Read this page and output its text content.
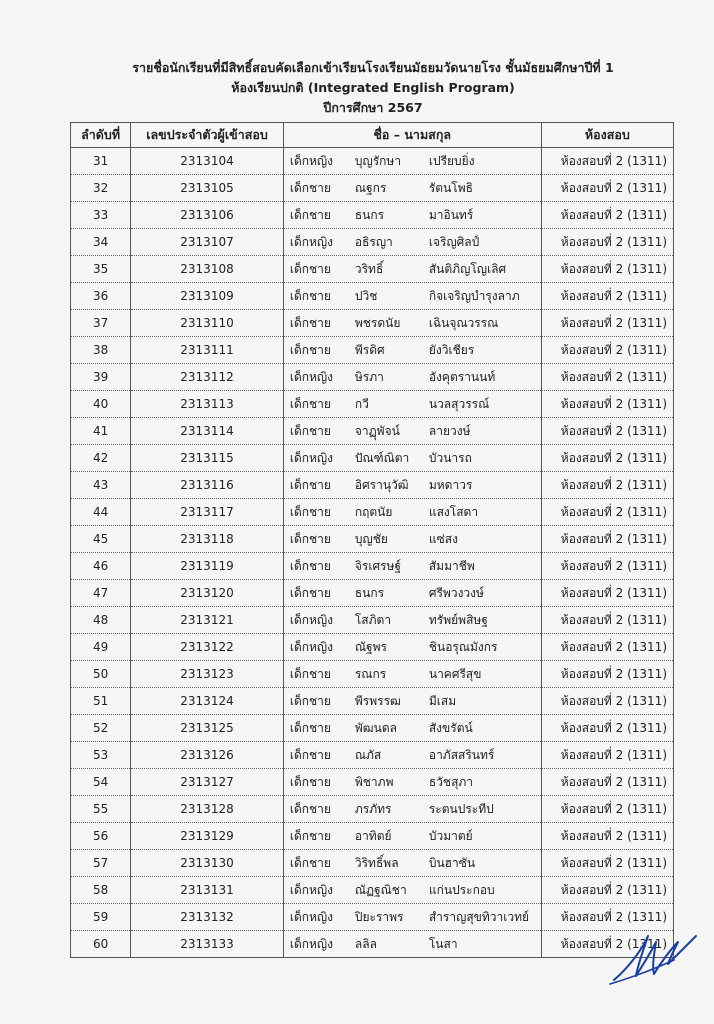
รายชื่อนักเรียนที่มีสิทธิ์สอบคัดเลือกเข้าเรียนโรงเรียนมัธยมวัดนายโรง ชั้นมัธยมศึกษาปีที่ 1
ห้องเรียนปกติ (Integrated English Program)
ปีการศึกษา 2567
ลำดับที่	เลขประจำตัวผู้เข้าสอบ	ชื่อ – นามสกุล	ห้องสอบ
31	2313104	เด็กหญิง บุญรักษา เปรียบยิ่ง	ห้องสอบที่ 2 (1311)
32	2313105	เด็กชาย ณฐกร รัตนโพธิ	ห้องสอบที่ 2 (1311)
33	2313106	เด็กชาย ธนกร มาอินทร์	ห้องสอบที่ 2 (1311)
34	2313107	เด็กหญิง อธิรญา เจริญศิลป์	ห้องสอบที่ 2 (1311)
35	2313108	เด็กชาย วริทธิ์ สันติภิญโญเลิศ	ห้องสอบที่ 2 (1311)
36	2313109	เด็กชาย ปวิช กิจเจริญบำรุงลาภ	ห้องสอบที่ 2 (1311)
37	2313110	เด็กชาย พชรดนัย เฉินจุณวรรณ	ห้องสอบที่ 2 (1311)
38	2313111	เด็กชาย พีรดิศ ยังวิเชียร	ห้องสอบที่ 2 (1311)
39	2313112	เด็กหญิง ษิรภา อังคุตรานนท์	ห้องสอบที่ 2 (1311)
40	2313113	เด็กชาย กวี นวลสุวรรณ์	ห้องสอบที่ 2 (1311)
41	2313114	เด็กชาย จาฏุพัจน์ ลายวงษ์	ห้องสอบที่ 2 (1311)
42	2313115	เด็กหญิง ปัณฑ์ณิตา บัวนารถ	ห้องสอบที่ 2 (1311)
43	2313116	เด็กชาย อิศรานุวัฒิ มหดาวร	ห้องสอบที่ 2 (1311)
44	2313117	เด็กชาย กฤตนัย แสงโสดา	ห้องสอบที่ 2 (1311)
45	2313118	เด็กชาย บุญชัย แซ่สง	ห้องสอบที่ 2 (1311)
46	2313119	เด็กชาย จิรเศรษฐ์ สัมมาชีพ	ห้องสอบที่ 2 (1311)
47	2313120	เด็กชาย ธนกร ศรีพวงวงษ์	ห้องสอบที่ 2 (1311)
48	2313121	เด็กหญิง โสภิตา ทรัพย์พสิษฐ	ห้องสอบที่ 2 (1311)
49	2313122	เด็กหญิง ณัฐพร ชินอรุณมังกร	ห้องสอบที่ 2 (1311)
50	2313123	เด็กชาย รณกร นาคศรีสุข	ห้องสอบที่ 2 (1311)
51	2313124	เด็กชาย พีรพรรฒ มีเสม	ห้องสอบที่ 2 (1311)
52	2313125	เด็กชาย พัฒนดล สังขรัตน์	ห้องสอบที่ 2 (1311)
53	2313126	เด็กชาย ณภัส อาภัสสรินทร์	ห้องสอบที่ 2 (1311)
54	2313127	เด็กชาย พิชาภพ ธวัชสุภา	ห้องสอบที่ 2 (1311)
55	2313128	เด็กชาย ภรภัทร ระตนประทีป	ห้องสอบที่ 2 (1311)
56	2313129	เด็กชาย อาทิตย์ บัวมาตย์	ห้องสอบที่ 2 (1311)
57	2313130	เด็กชาย วิริทธิ์พล บินฮาซัน	ห้องสอบที่ 2 (1311)
58	2313131	เด็กหญิง ณัฏฐณิชา แก่นประกอบ	ห้องสอบที่ 2 (1311)
59	2313132	เด็กหญิง ปิยะราพร สำราญสุขทิวาเวทย์	ห้องสอบที่ 2 (1311)
60	2313133	เด็กหญิง ลลิล โนสา	ห้องสอบที่ 2 (1311)
